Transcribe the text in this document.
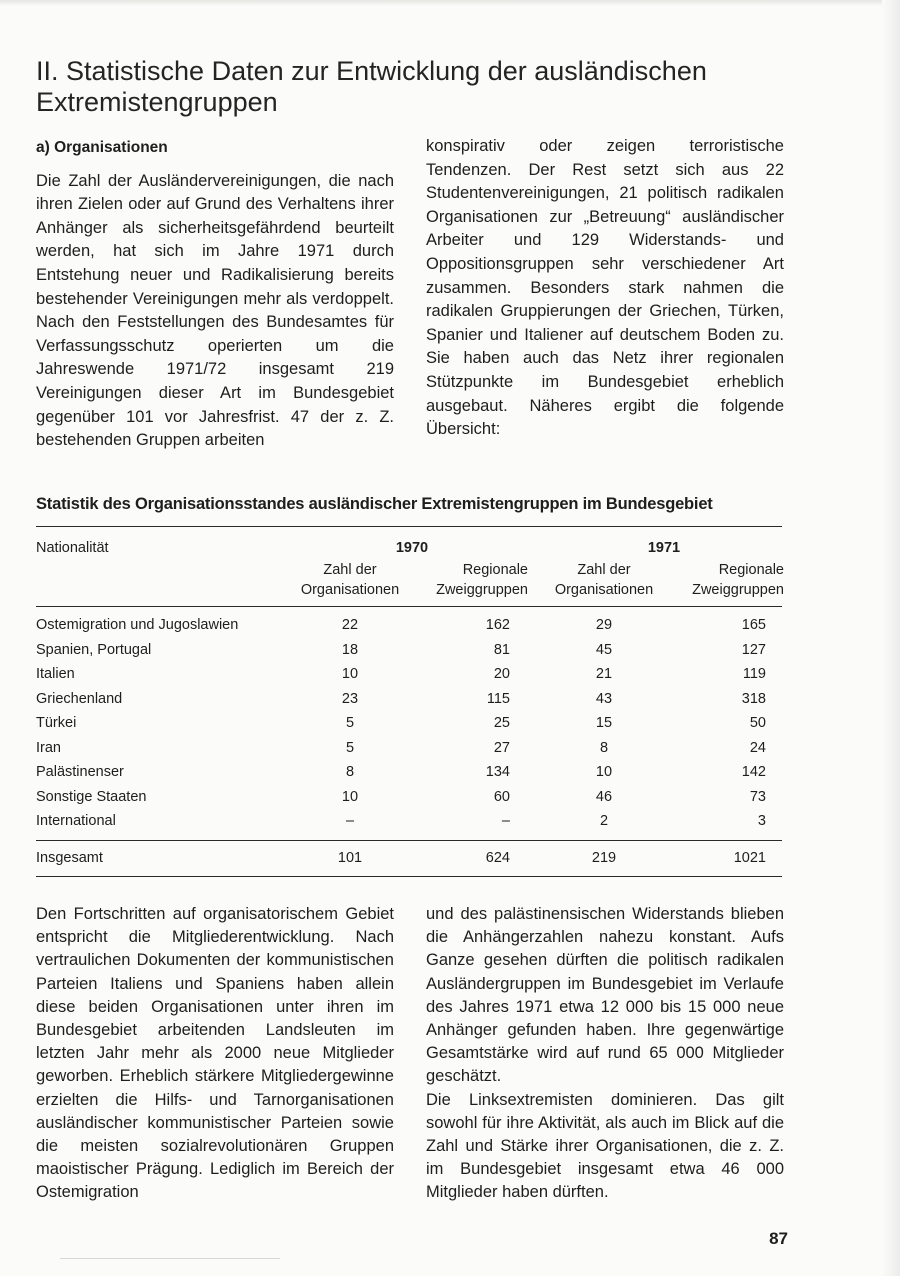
II. Statistische Daten zur Entwicklung der ausländischen Extremistengruppen

a) Organisationen

Die Zahl der Ausländervereinigungen, die nach ihren Zielen oder auf Grund des Verhaltens ihrer Anhänger als sicherheitsgefährdend beurteilt werden, hat sich im Jahre 1971 durch Entstehung neuer und Radikalisierung bereits bestehender Vereinigungen mehr als verdoppelt. Nach den Feststellungen des Bundesamtes für Verfassungsschutz operierten um die Jahreswende 1971/72 insgesamt 219 Vereinigungen dieser Art im Bundesgebiet gegenüber 101 vor Jahresfrist. 47 der z. Z. bestehenden Gruppen arbeiten

konspirativ oder zeigen terroristische Tendenzen. Der Rest setzt sich aus 22 Studentenvereinigungen, 21 politisch radikalen Organisationen zur „Betreuung“ ausländischer Arbeiter und 129 Widerstands- und Oppositionsgruppen sehr verschiedener Art zusammen. Besonders stark nahmen die radikalen Gruppierungen der Griechen, Türken, Spanier und Italiener auf deutschem Boden zu. Sie haben auch das Netz ihrer regionalen Stützpunkte im Bundesgebiet erheblich ausgebaut. Näheres ergibt die folgende Übersicht:

Statistik des Organisationsstandes ausländischer Extremistengruppen im Bundesgebiet
Nationalität	1970	1971
Zahl der
Organisationen
Regionale
Zweiggruppen
Zahl der
Organisationen
Regionale
Zweiggruppen
Ostemigration und Jugoslawien	22	162	29	165
Spanien, Portugal	18	81	45	127
Italien	10	20	21	119
Griechenland	23	115	43	318
Türkei	5	25	15	50
Iran	5	27	8	24
Palästinenser	8	134	10	142
Sonstige Staaten	10	60	46	73
International	–	–	2	3
Insgesamt	101	624	219	1021

Den Fortschritten auf organisatorischem Gebiet entspricht die Mitgliederentwicklung. Nach vertraulichen Dokumenten der kommunistischen Parteien Italiens und Spaniens haben allein diese beiden Organisationen unter ihren im Bundesgebiet arbeitenden Landsleuten im letzten Jahr mehr als 2000 neue Mitglieder geworben. Erheblich stärkere Mitgliedergewinne erzielten die Hilfs- und Tarnorganisationen ausländischer kommunistischer Parteien sowie die meisten sozialrevolutionären Gruppen maoistischer Prägung. Lediglich im Bereich der Ostemigration

und des palästinensischen Widerstands blieben die Anhängerzahlen nahezu konstant. Aufs Ganze gesehen dürften die politisch radikalen Ausländergruppen im Bundesgebiet im Verlaufe des Jahres 1971 etwa 12 000 bis 15 000 neue Anhänger gefunden haben. Ihre gegenwärtige Gesamtstärke wird auf rund 65 000 Mitglieder geschätzt.

Die Linksextremisten dominieren. Das gilt sowohl für ihre Aktivität, als auch im Blick auf die Zahl und Stärke ihrer Organisationen, die z. Z. im Bundesgebiet insgesamt etwa 46 000 Mitglieder haben dürften.

87
